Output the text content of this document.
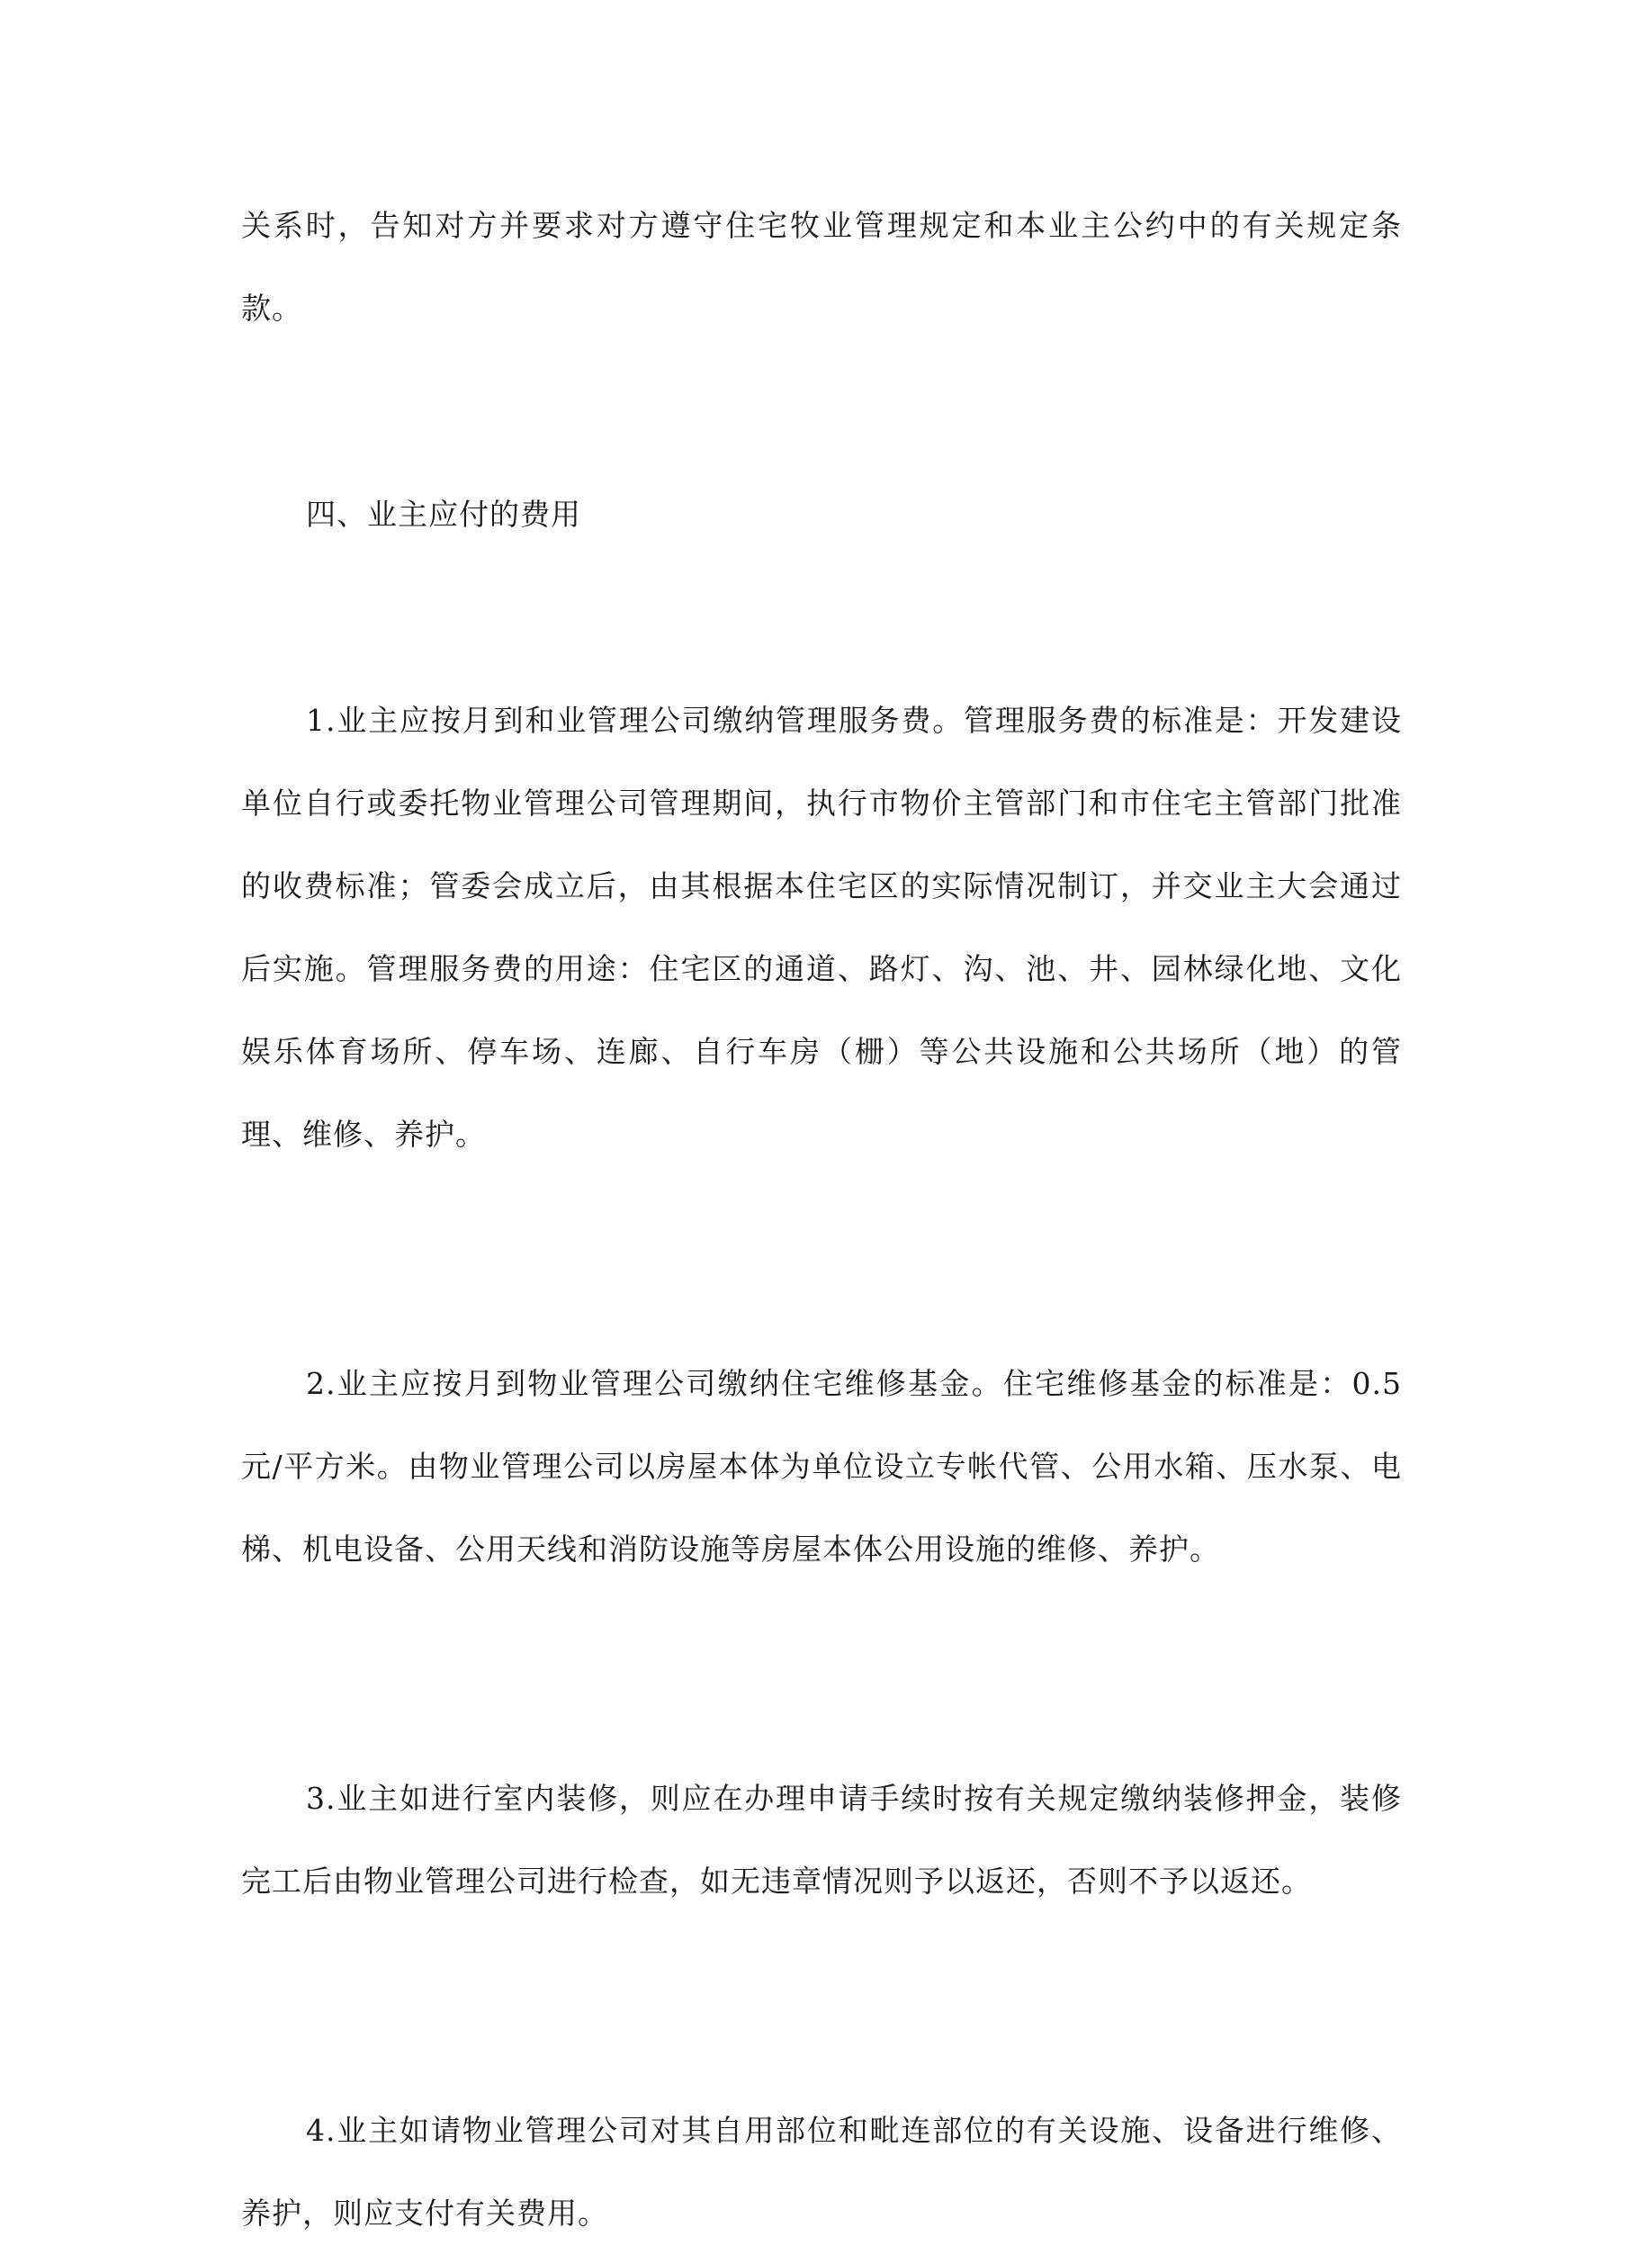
关系时，告知对方并要求对方遵守住宅牧业管理规定和本业主公约中的有关规定条款。

四、业主应付的费用

1.业主应按月到和业管理公司缴纳管理服务费。管理服务费的标准是：开发建设单位自行或委托物业管理公司管理期间，执行市物价主管部门和市住宅主管部门批准的收费标准；管委会成立后，由其根据本住宅区的实际情况制订，并交业主大会通过后实施。管理服务费的用途：住宅区的通道、路灯、沟、池、井、园林绿化地、文化娱乐体育场所、停车场、连廊、自行车房（栅）等公共设施和公共场所（地）的管理、维修、养护。

2.业主应按月到物业管理公司缴纳住宅维修基金。住宅维修基金的标准是：0.5元/平方米。由物业管理公司以房屋本体为单位设立专帐代管、公用水箱、压水泵、电梯、机电设备、公用天线和消防设施等房屋本体公用设施的维修、养护。

3.业主如进行室内装修，则应在办理申请手续时按有关规定缴纳装修押金，装修完工后由物业管理公司进行检查，如无违章情况则予以返还，否则不予以返还。

4.业主如请物业管理公司对其自用部位和毗连部位的有关设施、设备进行维修、养护，则应支付有关费用。
